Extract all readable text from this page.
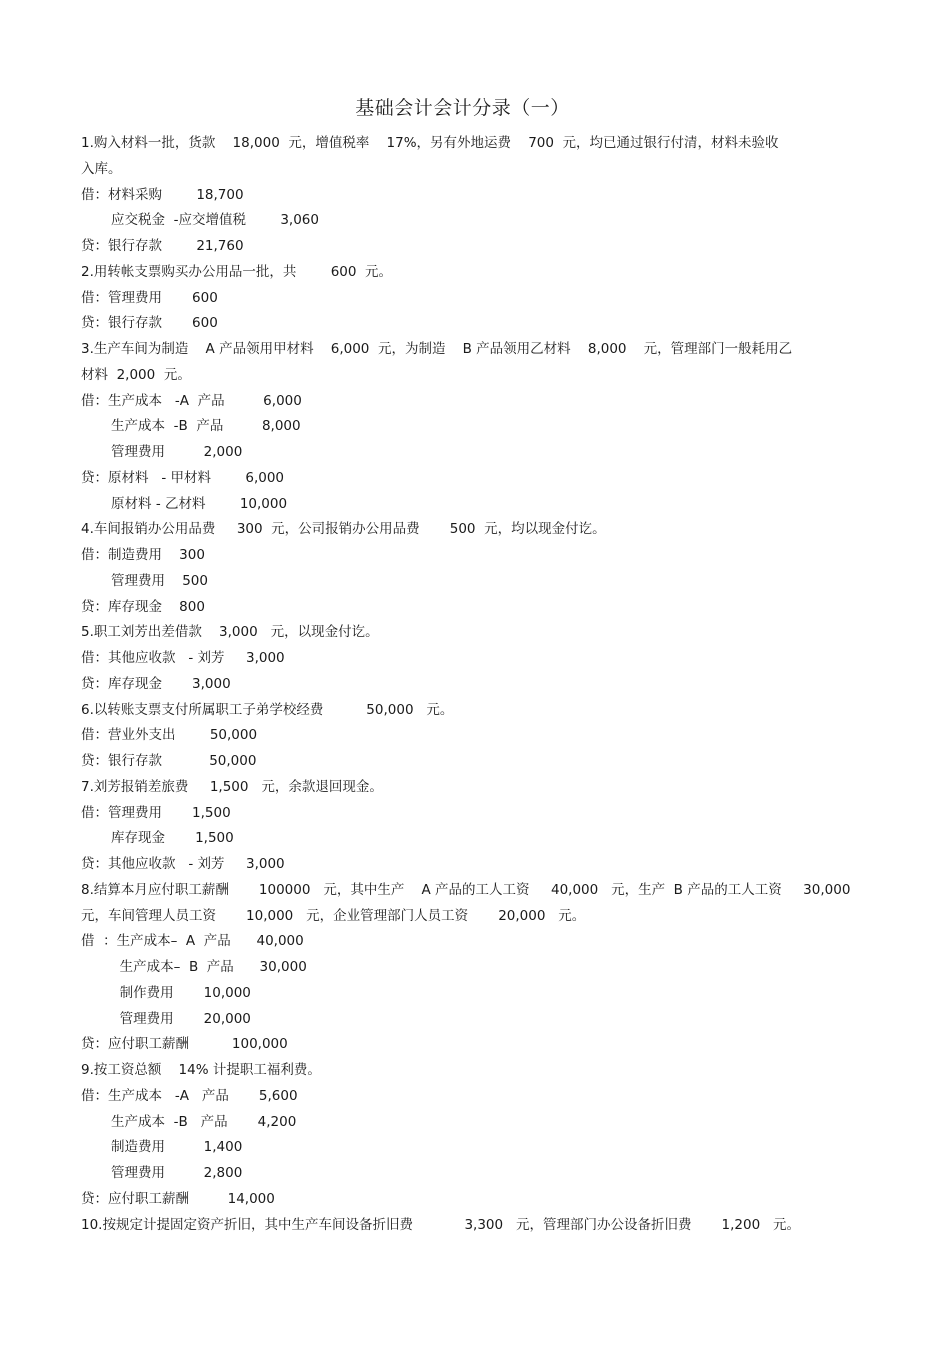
基础会计会计分录（一）
1.购入材料一批，货款    18,000  元，增值税率    17%，另有外地运费    700  元，均已通过银行付清，材料未验收
入库。
借：材料采购        18,700
应交税金  -应交增值税        3,060
贷：银行存款        21,760
2.用转帐支票购买办公用品一批，共        600  元。
借：管理费用       600
贷：银行存款       600
3.生产车间为制造    A 产品领用甲材料    6,000  元，为制造    B 产品领用乙材料    8,000    元，管理部门一般耗用乙
材料  2,000  元。
借：生产成本   -A  产品         6,000
生产成本  -B  产品         8,000
管理费用         2,000
贷：原材料   - 甲材料        6,000
原材料 - 乙材料        10,000
4.车间报销办公用品费     300  元，公司报销办公用品费       500  元，均以现金付讫。
借：制造费用    300
管理费用    500
贷：库存现金    800
5.职工刘芳出差借款    3,000   元，以现金付讫。
借：其他应收款   - 刘芳     3,000
贷：库存现金       3,000
6.以转账支票支付所属职工子弟学校经费          50,000   元。
借：营业外支出        50,000
贷：银行存款           50,000
7.刘芳报销差旅费     1,500   元，余款退回现金。
借：管理费用       1,500
库存现金       1,500
贷：其他应收款   - 刘芳     3,000
8.结算本月应付职工薪酬       100000   元，其中生产    A 产品的工人工资     40,000   元，生产  B 产品的工人工资     30,000
元，车间管理人员工资       10,000   元，企业管理部门人员工资       20,000   元。
借  ：生产成本–  A  产品      40,000
生产成本–  B  产品      30,000
制作费用       10,000
管理费用       20,000
贷：应付职工薪酬          100,000
9.按工资总额    14% 计提职工福利费。
借：生产成本   -A   产品       5,600
生产成本  -B   产品       4,200
制造费用         1,400
管理费用         2,800
贷：应付职工薪酬         14,000
10.按规定计提固定资产折旧，其中生产车间设备折旧费            3,300   元，管理部门办公设备折旧费       1,200   元。
